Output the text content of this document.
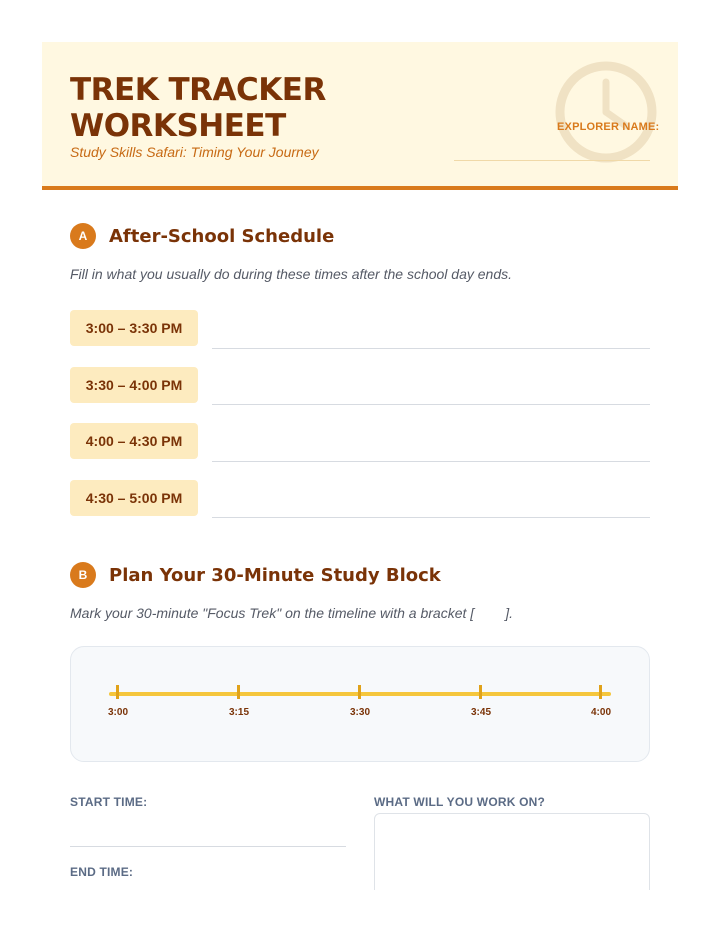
TREK TRACKER
WORKSHEET
Study Skills Safari: Timing Your Journey
EXPLORER NAME:
A	After-School Schedule
Fill in what you usually do during these times after the school day ends.
3:00 – 3:30 PM
3:30 – 4:00 PM
4:00 – 4:30 PM
4:30 – 5:00 PM
B	Plan Your 30-Minute Study Block
Mark your 30-minute "Focus Trek" on the timeline with a bracket [        ].
3:00	3:15	3:30	3:45	4:00
START TIME:
END TIME:
WHAT WILL YOU WORK ON?
